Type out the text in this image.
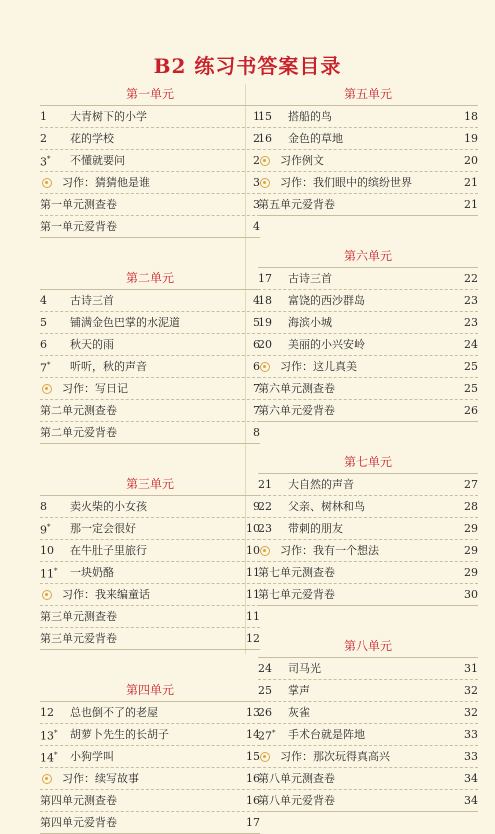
B2 练习书答案目录
第一单元
1	大青树下的小学	1
2	花的学校	2
3*	不懂就要问	2
习作：猜猜他是谁	3
第一单元测查卷	3
第一单元爱背卷	4
第二单元
4	古诗三首	4
5	铺满金色巴掌的水泥道	5
6	秋天的雨	6
7*	听听，秋的声音	6
习作：写日记	7
第二单元测查卷	7
第二单元爱背卷	8
第三单元
8	卖火柴的小女孩	9
9*	那一定会很好	10
10	在牛肚子里旅行	10
11*	一块奶酪	11
习作：我来编童话	11
第三单元测查卷	11
第三单元爱背卷	12
第四单元
12	总也倒不了的老屋	13
13*	胡萝卜先生的长胡子	14
14*	小狗学叫	15
习作：续写故事	16
第四单元测查卷	16
第四单元爱背卷	17
第五单元
15	搭船的鸟	18
16	金色的草地	19
习作例文	20
习作：我们眼中的缤纷世界	21
第五单元爱背卷	21
第六单元
17	古诗三首	22
18	富饶的西沙群岛	23
19	海滨小城	23
20	美丽的小兴安岭	24
习作：这儿真美	25
第六单元测查卷	25
第六单元爱背卷	26
第七单元
21	大自然的声音	27
22	父亲、树林和鸟	28
23	带刺的朋友	29
习作：我有一个想法	29
第七单元测查卷	29
第七单元爱背卷	30
第八单元
24	司马光	31
25	掌声	32
26	灰雀	32
27*	手术台就是阵地	33
习作：那次玩得真高兴	33
第八单元测查卷	34
第八单元爱背卷	34
